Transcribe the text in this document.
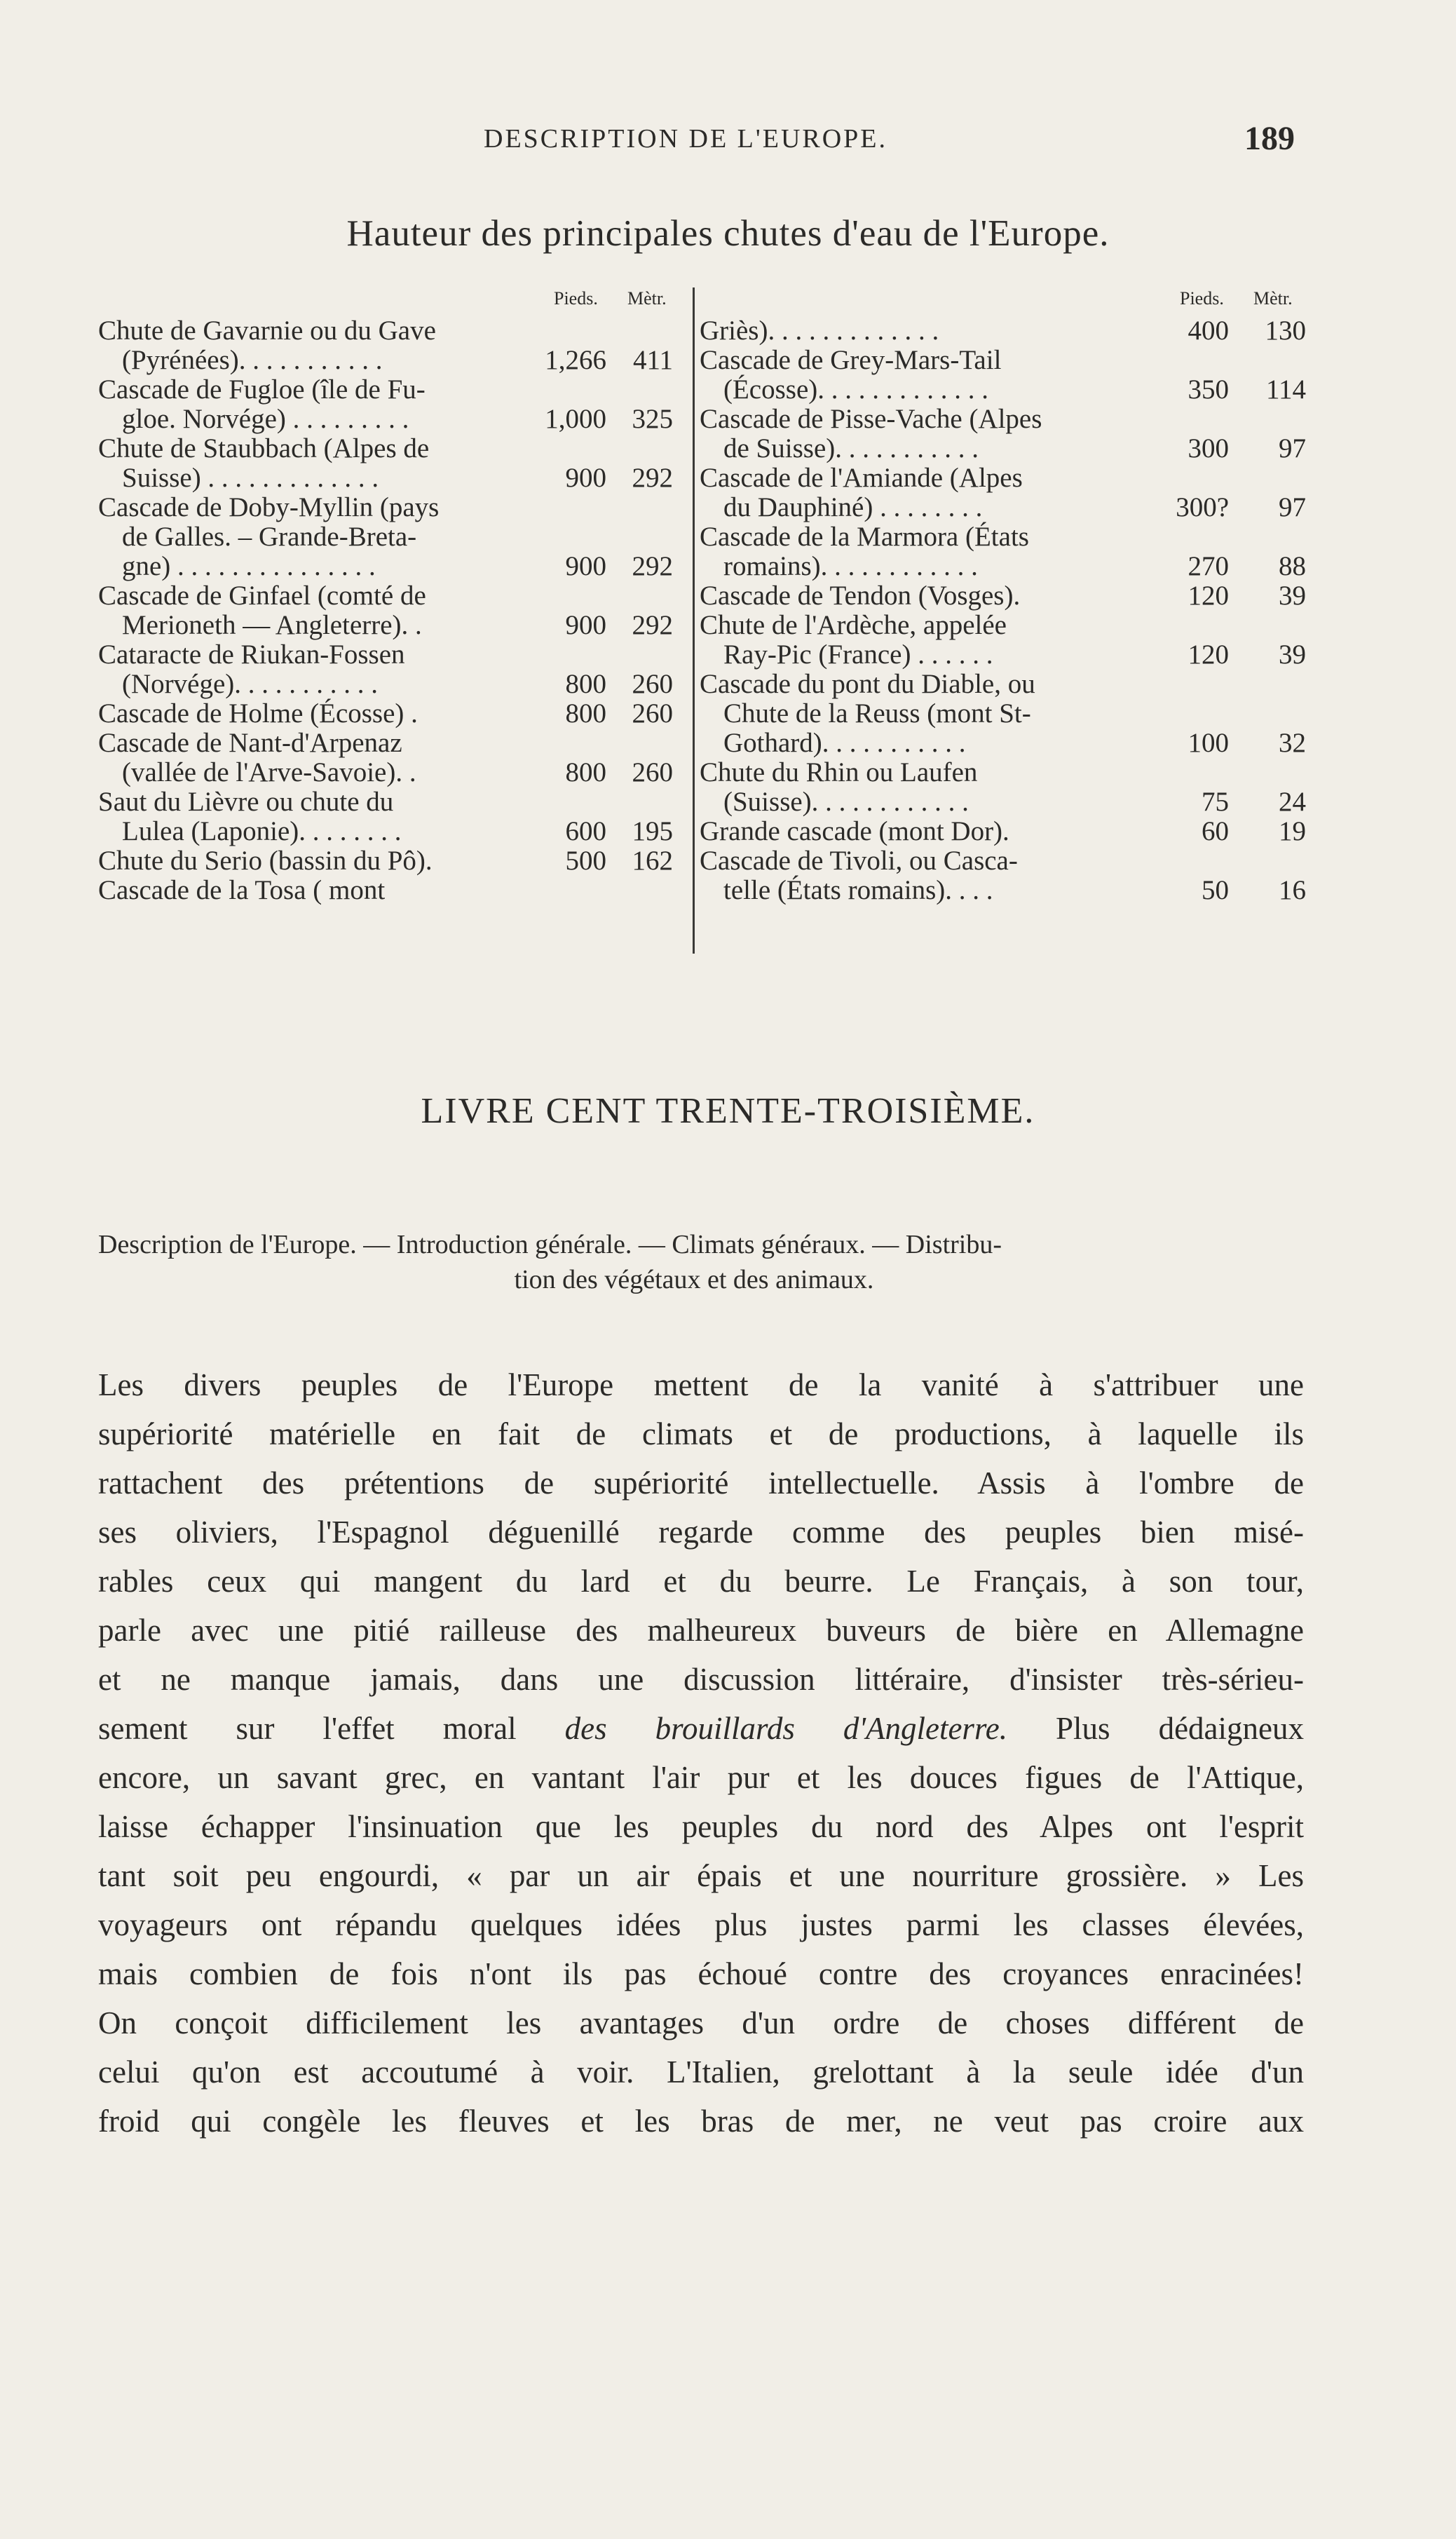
DESCRIPTION DE L'EUROPE.	189
Hauteur des principales chutes d'eau de l'Europe.
Pieds. Mètr.
Chute de Gavarnie ou du Gave
(Pyrénées). . . . . . . . . . .	1,266 411
Cascade de Fugloe (île de Fu-
gloe. Norvége) . . . . . . . . .	1,000 325
Chute de Staubbach (Alpes de
Suisse) . . . . . . . . . . . . .	900 292
Cascade de Doby-Myllin (pays
de Galles. – Grande-Breta-
gne) . . . . . . . . . . . . . . .	900 292
Cascade de Ginfael (comté de
Merioneth — Angleterre). .	900 292
Cataracte de Riukan-Fossen
(Norvége). . . . . . . . . . .	800 260
Cascade de Holme (Écosse) .	800 260
Cascade de Nant-d'Arpenaz
(vallée de l'Arve-Savoie). .	800 260
Saut du Lièvre ou chute du
Lulea (Laponie). . . . . . . .	600 195
Chute du Serio (bassin du Pô).	500 162
Cascade de la Tosa ( mont
Pieds. Mètr.
Griès). . . . . . . . . . . . .	400	130
Cascade de Grey-Mars-Tail
(Écosse). . . . . . . . . . . . .	350	114
Cascade de Pisse-Vache (Alpes
de Suisse). . . . . . . . . . .	300	97
Cascade de l'Amiande (Alpes
du Dauphiné) . . . . . . . .	300?	97
Cascade de la Marmora (États
romains). . . . . . . . . . . .	270	88
Cascade de Tendon (Vosges).	120	39
Chute de l'Ardèche, appelée
Ray-Pic (France) . . . . . .	120	39
Cascade du pont du Diable, ou
Chute de la Reuss (mont St-
Gothard). . . . . . . . . . .	100	32
Chute du Rhin ou Laufen
(Suisse). . . . . . . . . . . .	75	24
Grande cascade (mont Dor).	60	19
Cascade de Tivoli, ou Casca-
telle (États romains). . . .	50	16
LIVRE CENT TRENTE-TROISIÈME.
Description de l'Europe. — Introduction générale. — Climats généraux. — Distribu-
tion des végétaux et des animaux.
Les divers peuples de l'Europe mettent de la vanité à s'attribuer une
supériorité matérielle en fait de climats et de productions, à laquelle ils
rattachent des prétentions de supériorité intellectuelle. Assis à l'ombre de
ses oliviers, l'Espagnol déguenillé regarde comme des peuples bien misé-
rables ceux qui mangent du lard et du beurre. Le Français, à son tour,
parle avec une pitié railleuse des malheureux buveurs de bière en Allemagne
et ne manque jamais, dans une discussion littéraire, d'insister très-sérieu-
sement sur l'effet moral des brouillards d'Angleterre. Plus dédaigneux
encore, un savant grec, en vantant l'air pur et les douces figues de l'Attique,
laisse échapper l'insinuation que les peuples du nord des Alpes ont l'esprit
tant soit peu engourdi, « par un air épais et une nourriture grossière. » Les
voyageurs ont répandu quelques idées plus justes parmi les classes élevées,
mais combien de fois n'ont ils pas échoué contre des croyances enracinées!
On conçoit difficilement les avantages d'un ordre de choses différent de
celui qu'on est accoutumé à voir. L'Italien, grelottant à la seule idée d'un
froid qui congèle les fleuves et les bras de mer, ne veut pas croire aux
